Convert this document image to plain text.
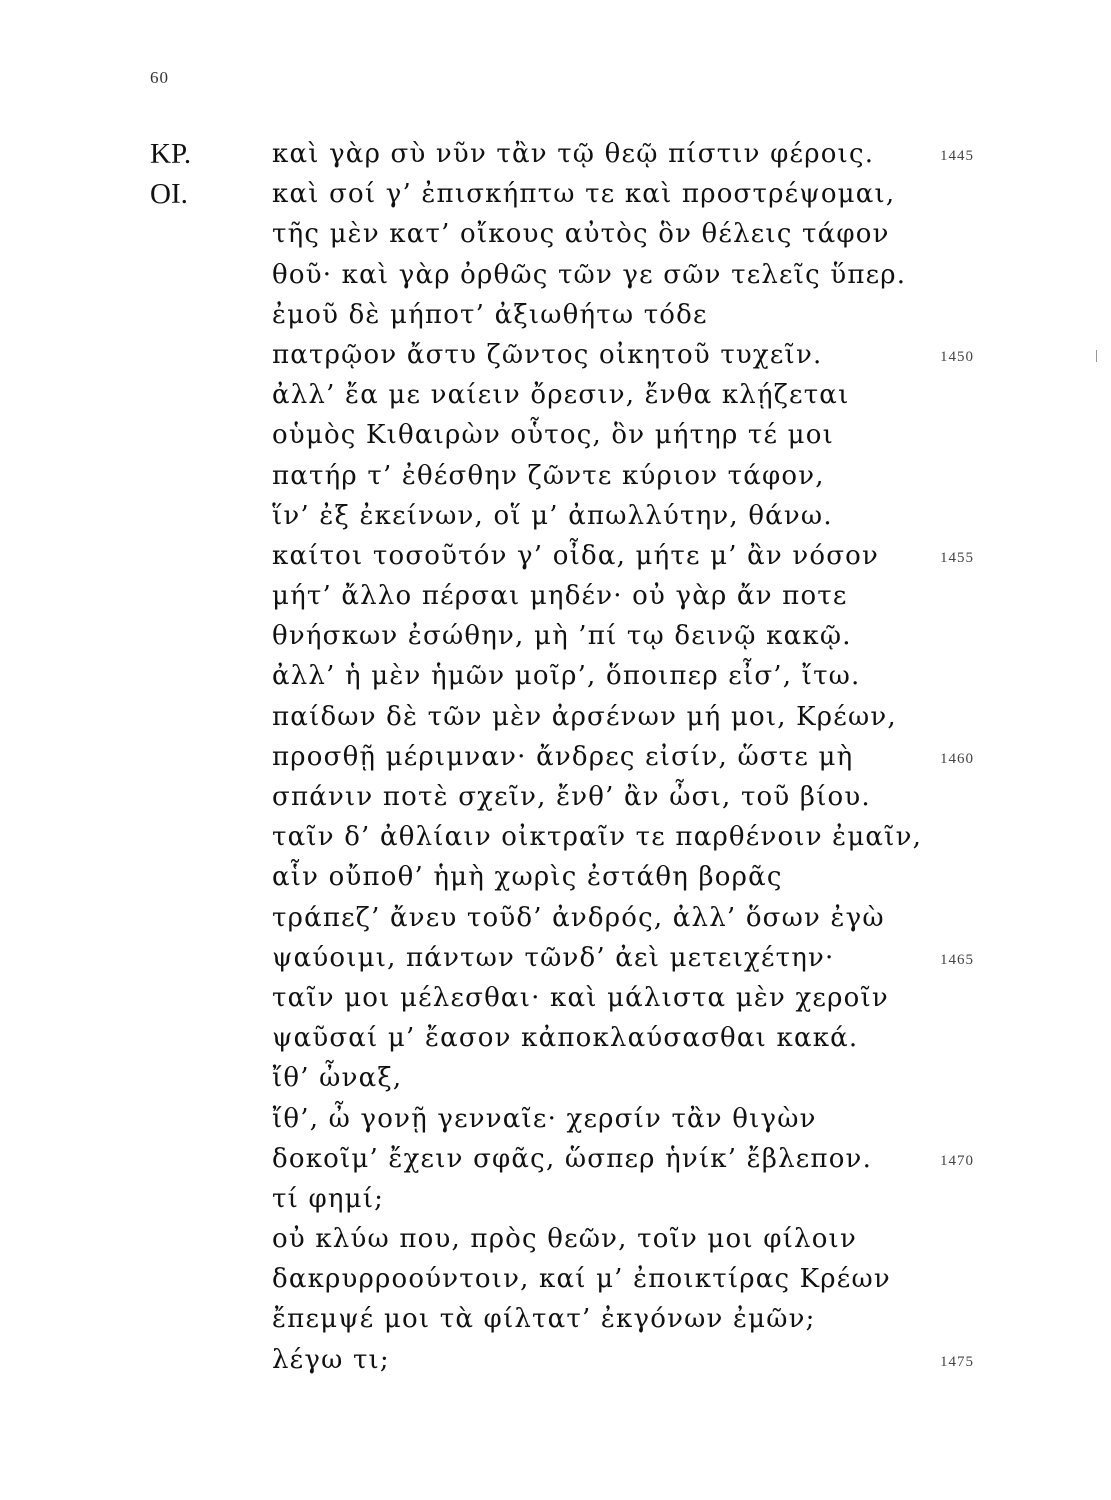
60
ΚΡ.	καὶ γὰρ σὺ νῦν τἂν τῷ θεῷ πίστιν φέροις.	1445
ΟΙ.	καὶ σοί γ’ ἐπισκήπτω τε καὶ προστρέψομαι,
τῆς μὲν κατ’ οἴκους αὐτὸς ὃν θέλεις τάφον
θοῦ· καὶ γὰρ ὀρθῶς τῶν γε σῶν τελεῖς ὕπερ.
ἐμοῦ δὲ μήποτ’ ἀξιωθήτω τόδε
πατρῷον ἄστυ ζῶντος οἰκητοῦ τυχεῖν.	1450
ἀλλ’ ἔα με ναίειν ὄρεσιν, ἔνθα κλῄζεται
οὑμὸς Κιθαιρὼν οὗτος, ὃν μήτηρ τέ μοι
πατήρ τ’ ἐθέσθην ζῶντε κύριον τάφον,
ἵν’ ἐξ ἐκείνων, οἵ μ’ ἀπωλλύτην, θάνω.
καίτοι τοσοῦτόν γ’ οἶδα, μήτε μ’ ἂν νόσον	1455
μήτ’ ἄλλο πέρσαι μηδέν· οὐ γὰρ ἄν ποτε
θνήσκων ἐσώθην, μὴ ’πί τῳ δεινῷ κακῷ.
ἀλλ’ ἡ μὲν ἡμῶν μοῖρ’, ὅποιπερ εἶσ’, ἴτω.
παίδων δὲ τῶν μὲν ἀρσένων μή μοι, Κρέων,
προσθῇ μέριμναν· ἄνδρες εἰσίν, ὥστε μὴ	1460
σπάνιν ποτὲ σχεῖν, ἔνθ’ ἂν ὦσι, τοῦ βίου.
ταῖν δ’ ἀθλίαιν οἰκτραῖν τε παρθένοιν ἐμαῖν,
αἷν οὔποθ’ ἡμὴ χωρὶς ἐστάθη βορᾶς
τράπεζ’ ἄνευ τοῦδ’ ἀνδρός, ἀλλ’ ὅσων ἐγὼ
ψαύοιμι, πάντων τῶνδ’ ἀεὶ μετειχέτην·	1465
ταῖν μοι μέλεσθαι· καὶ μάλιστα μὲν χεροῖν
ψαῦσαί μ’ ἔασον κἀποκλαύσασθαι κακά.
ἴθ’ ὦναξ,
ἴθ’, ὦ γονῇ γενναῖε· χερσίν τἂν θιγὼν
δοκοῖμ’ ἔχειν σφᾶς, ὥσπερ ἡνίκ’ ἔβλεπον.	1470
τί φημί;
οὐ κλύω που, πρὸς θεῶν, τοῖν μοι φίλοιν
δακρυρροούντοιν, καί μ’ ἐποικτίρας Κρέων
ἔπεμψέ μοι τὰ φίλτατ’ ἐκγόνων ἐμῶν;
λέγω τι;	1475
